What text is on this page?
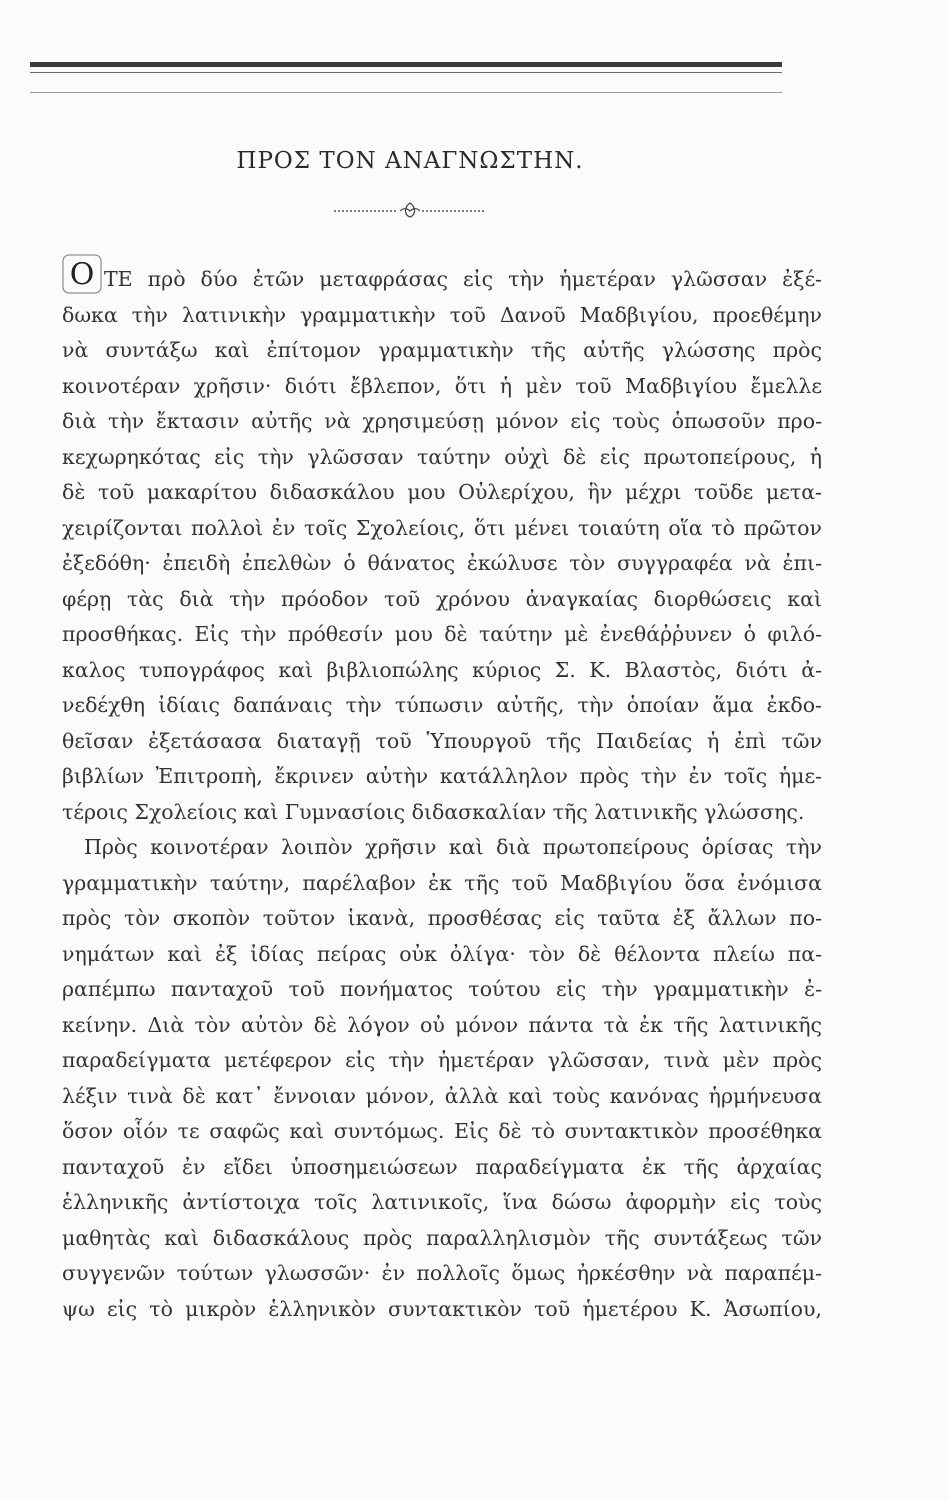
ΠΡΟΣ ΤΟΝ ΑΝΑΓΝΩΣΤΗΝ.
Ο ΤΕ πρὸ δύο ἐτῶν μεταφράσας εἰς τὴν ἡμετέραν γλῶσσαν ἐξέ-
δωκα τὴν λατινικὴν γραμματικὴν τοῦ Δανοῦ Μαδβιγίου, προεθέμην
νὰ συντάξω καὶ ἐπίτομον γραμματικὴν τῆς αὐτῆς γλώσσης πρὸς
κοινοτέραν χρῆσιν· διότι ἔβλεπον, ὅτι ἡ μὲν τοῦ Μαδβιγίου ἔμελλε
διὰ τὴν ἔκτασιν αὐτῆς νὰ χρησιμεύσῃ μόνον εἰς τοὺς ὁπωσοῦν προ-
κεχωρηκότας εἰς τὴν γλῶσσαν ταύτην οὐχὶ δὲ εἰς πρωτοπείρους, ἡ
δὲ τοῦ μακαρίτου διδασκάλου μου Οὐλερίχου, ἣν μέχρι τοῦδε μετα-
χειρίζονται πολλοὶ ἐν τοῖς Σχολείοις, ὅτι μένει τοιαύτη οἵα τὸ πρῶτον
ἐξεδόθη· ἐπειδὴ ἐπελθὼν ὁ θάνατος ἐκώλυσε τὸν συγγραφέα νὰ ἐπι-
φέρῃ τὰς διὰ τὴν πρόοδον τοῦ χρόνου ἀναγκαίας διορθώσεις καὶ
προσθήκας. Εἰς τὴν πρόθεσίν μου δὲ ταύτην μὲ ἐνεθάῤῥυνεν ὁ φιλό-
καλος τυπογράφος καὶ βιβλιοπώλης κύριος Σ. Κ. Βλαστὸς, διότι ἀ-
νεδέχθη ἰδίαις δαπάναις τὴν τύπωσιν αὐτῆς, τὴν ὁποίαν ἅμα ἐκδο-
θεῖσαν ἐξετάσασα διαταγῇ τοῦ Ὑπουργοῦ τῆς Παιδείας ἡ ἐπὶ τῶν
βιβλίων Ἐπιτροπὴ, ἔκρινεν αὐτὴν κατάλληλον πρὸς τὴν ἐν τοῖς ἡμε-
τέροις Σχολείοις καὶ Γυμνασίοις διδασκαλίαν τῆς λατινικῆς γλώσσης.
Πρὸς κοινοτέραν λοιπὸν χρῆσιν καὶ διὰ πρωτοπείρους ὁρίσας τὴν
γραμματικὴν ταύτην, παρέλαβον ἐκ τῆς τοῦ Μαδβιγίου ὅσα ἐνόμισα
πρὸς τὸν σκοπὸν τοῦτον ἱκανὰ, προσθέσας εἰς ταῦτα ἐξ ἄλλων πο-
νημάτων καὶ ἐξ ἰδίας πείρας οὐκ ὀλίγα· τὸν δὲ θέλοντα πλείω πα-
ραπέμπω πανταχοῦ τοῦ πονήματος τούτου εἰς τὴν γραμματικὴν ἐ-
κείνην. Διὰ τὸν αὐτὸν δὲ λόγον οὐ μόνον πάντα τὰ ἐκ τῆς λατινικῆς
παραδείγματα μετέφερον εἰς τὴν ἡμετέραν γλῶσσαν, τινὰ μὲν πρὸς
λέξιν τινὰ δὲ κατ᾽ ἔννοιαν μόνον, ἀλλὰ καὶ τοὺς κανόνας ἡρμήνευσα
ὅσον οἷόν τε σαφῶς καὶ συντόμως. Εἰς δὲ τὸ συντακτικὸν προσέθηκα
πανταχοῦ ἐν εἴδει ὑποσημειώσεων παραδείγματα ἐκ τῆς ἀρχαίας
ἑλληνικῆς ἀντίστοιχα τοῖς λατινικοῖς, ἵνα δώσω ἀφορμὴν εἰς τοὺς
μαθητὰς καὶ διδασκάλους πρὸς παραλληλισμὸν τῆς συντάξεως τῶν
συγγενῶν τούτων γλωσσῶν· ἐν πολλοῖς ὅμως ἠρκέσθην νὰ παραπέμ-
ψω εἰς τὸ μικρὸν ἑλληνικὸν συντακτικὸν τοῦ ἡμετέρου Κ. Ἀσωπίου,
